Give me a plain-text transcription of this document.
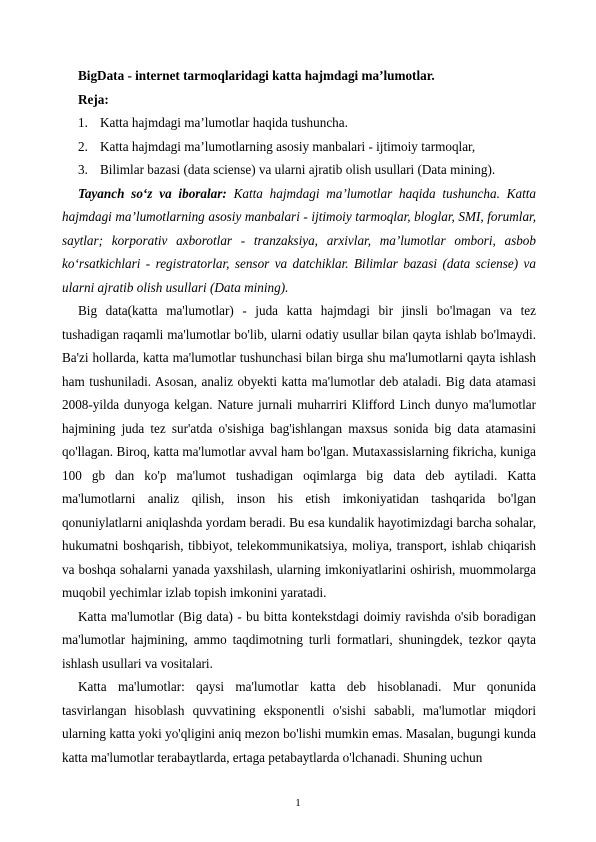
BigData - internet tarmoqlaridagi katta hajmdagi ma’lumotlar.

Reja:

1. Katta hajmdagi ma’lumotlar haqida tushuncha.

2. Katta hajmdagi ma’lumotlarning asosiy manbalari - ijtimoiy tarmoqlar,

3. Bilimlar bazasi (data sciense) va ularni ajratib olish usullari (Data mining).

Tayanch so‘z va iboralar: Katta hajmdagi ma’lumotlar haqida tushuncha. Katta hajmdagi ma’lumotlarning asosiy manbalari - ijtimoiy tarmoqlar, bloglar, SMI, forumlar, saytlar; korporativ axborotlar - tranzaksiya, arxivlar, ma’lumotlar ombori, asbob ko‘rsatkichlari - registratorlar, sensor va datchiklar. Bilimlar bazasi (data sciense) va ularni ajratib olish usullari (Data mining).

Big data(katta ma'lumotlar) - juda katta hajmdagi bir jinsli bo'lmagan va tez tushadigan raqamli ma'lumotlar bo'lib, ularni odatiy usullar bilan qayta ishlab bo'lmaydi. Ba'zi hollarda, katta ma'lumotlar tushunchasi bilan birga shu ma'lumotlarni qayta ishlash ham tushuniladi. Asosan, analiz obyekti katta ma'lumotlar deb ataladi. Big data atamasi 2008-yilda dunyoga kelgan. Nature jurnali muharriri Klifford Linch dunyo ma'lumotlar hajmining juda tez sur'atda o'sishiga bag'ishlangan maxsus sonida big data atamasini qo'llagan. Biroq, katta ma'lumotlar avval ham bo'lgan. Mutaxassislarning fikricha, kuniga 100 gb dan ko'p ma'lumot tushadigan oqimlarga big data deb aytiladi. Katta ma'lumotlarni analiz qilish, inson his etish imkoniyatidan tashqarida bo'lgan qonuniylatlarni aniqlashda yordam beradi. Bu esa kundalik hayotimizdagi barcha sohalar, hukumatni boshqarish, tibbiyot, telekommunikatsiya, moliya, transport, ishlab chiqarish va boshqa sohalarni yanada yaxshilash, ularning imkoniyatlarini oshirish, muommolarga muqobil yechimlar izlab topish imkonini yaratadi.

Katta ma'lumotlar (Big data) - bu bitta kontekstdagi doimiy ravishda o'sib boradigan ma'lumotlar hajmining, ammo taqdimotning turli formatlari, shuningdek, tezkor qayta ishlash usullari va vositalari.

Katta ma'lumotlar: qaysi ma'lumotlar katta deb hisoblanadi. Mur qonunida tasvirlangan hisoblash quvvatining eksponentli o'sishi sababli, ma'lumotlar miqdori ularning katta yoki yo'qligini aniq mezon bo'lishi mumkin emas. Masalan, bugungi kunda katta ma'lumotlar terabaytlarda, ertaga petabaytlarda o'lchanadi. Shuning uchun

1
